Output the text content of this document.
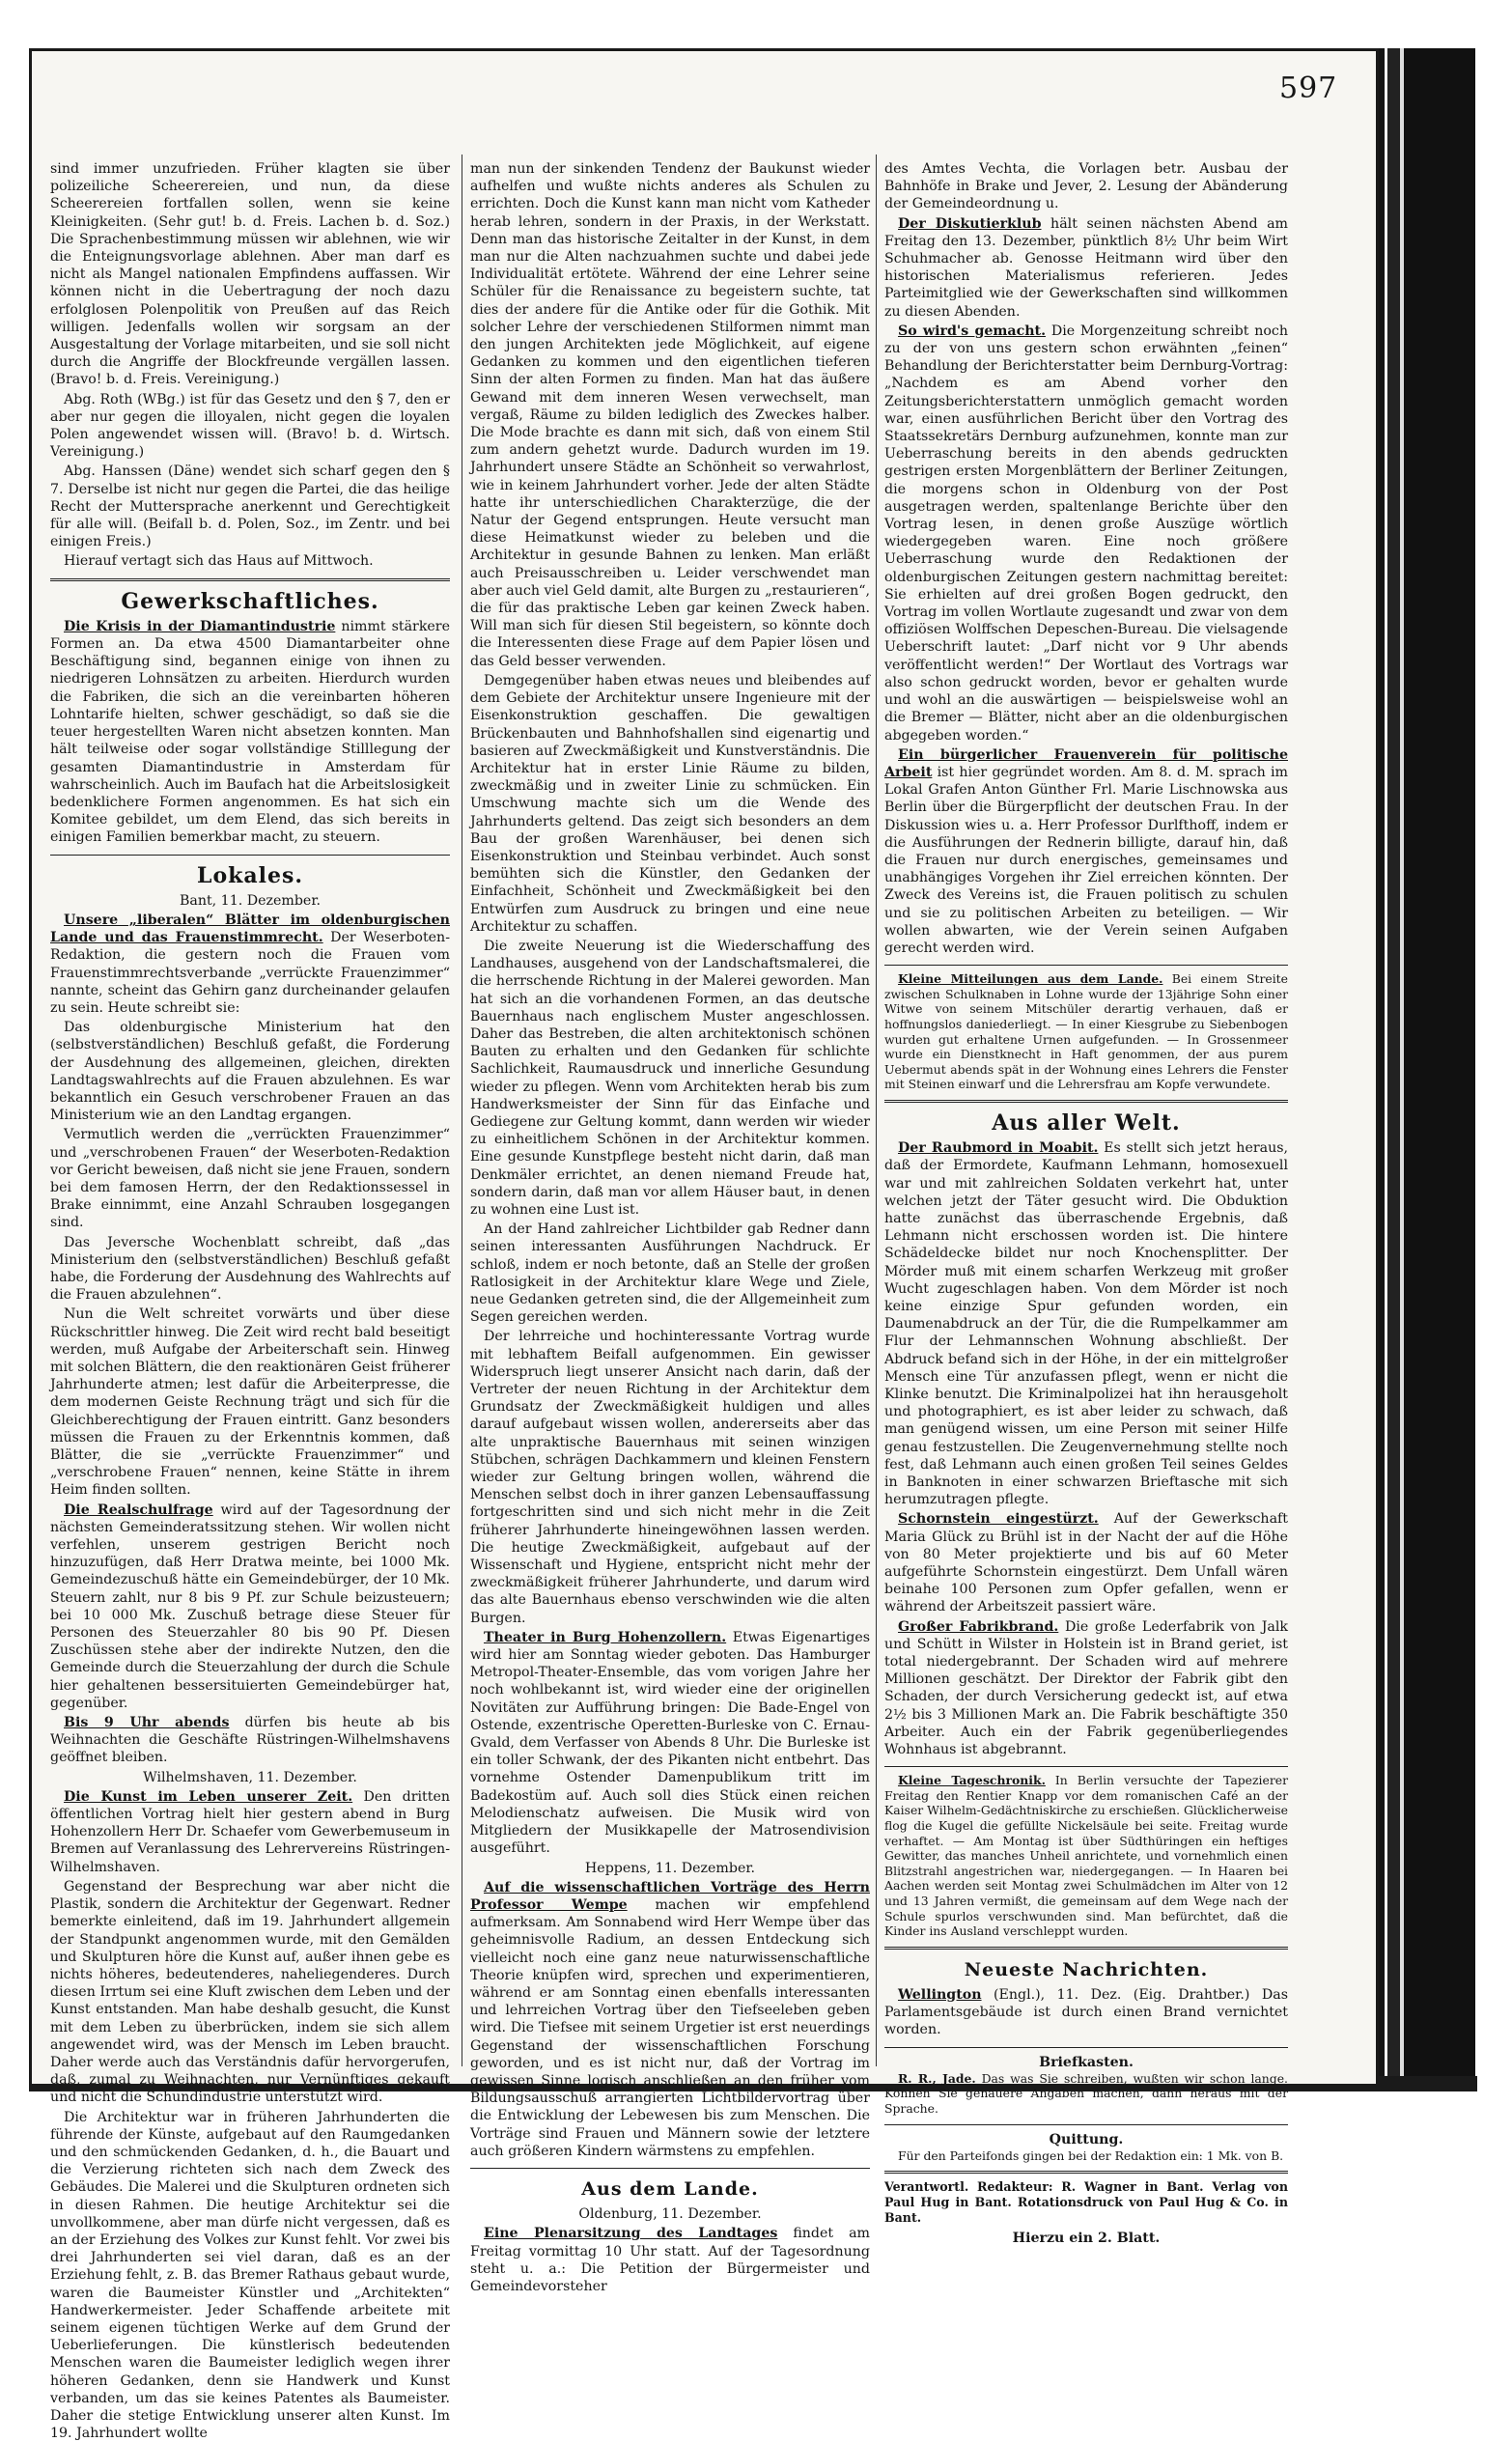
597

sind immer unzufrieden. Früher klagten sie über polizeiliche Scheerereien, und nun, da diese Scheerereien fortfallen sollen, wenn sie keine Kleinigkeiten. (Sehr gut! b. d. Freis. Lachen b. d. Soz.) Die Sprachenbestimmung müssen wir ablehnen, wie wir die Enteignungsvorlage ablehnen. Aber man darf es nicht als Mangel nationalen Empfindens auffassen. Wir können nicht in die Uebertragung der noch dazu erfolglosen Polenpolitik von Preußen auf das Reich willigen. Jedenfalls wollen wir sorgsam an der Ausgestaltung der Vorlage mitarbeiten, und sie soll nicht durch die Angriffe der Blockfreunde vergällen lassen. (Bravo! b. d. Freis. Vereinigung.)

Abg. Roth (WBg.) ist für das Gesetz und den § 7, den er aber nur gegen die illoyalen, nicht gegen die loyalen Polen angewendet wissen will. (Bravo! b. d. Wirtsch. Vereinigung.)

Abg. Hanssen (Däne) wendet sich scharf gegen den § 7. Derselbe ist nicht nur gegen die Partei, die das heilige Recht der Muttersprache anerkennt und Gerechtigkeit für alle will. (Beifall b. d. Polen, Soz., im Zentr. und bei einigen Freis.)

Hierauf vertagt sich das Haus auf Mittwoch.

Gewerkschaftliches.

Die Krisis in der Diamantindustrie nimmt stärkere Formen an. Da etwa 4500 Diamantarbeiter ohne Beschäftigung sind, begannen einige von ihnen zu niedrigeren Lohnsätzen zu arbeiten. Hierdurch wurden die Fabriken, die sich an die vereinbarten höheren Lohntarife hielten, schwer geschädigt, so daß sie die teuer hergestellten Waren nicht absetzen konnten. Man hält teilweise oder sogar vollständige Stilllegung der gesamten Diamantindustrie in Amsterdam für wahrscheinlich. Auch im Baufach hat die Arbeitslosigkeit bedenklichere Formen angenommen. Es hat sich ein Komitee gebildet, um dem Elend, das sich bereits in einigen Familien bemerkbar macht, zu steuern.

Lokales.
Bant, 11. Dezember.

Unsere „liberalen“ Blätter im oldenburgischen Lande und das Frauenstimmrecht. Der Weserboten-Redaktion, die gestern noch die Frauen vom Frauenstimmrechtsverbande „verrückte Frauenzimmer“ nannte, scheint das Gehirn ganz durcheinander gelaufen zu sein. Heute schreibt sie:

Das oldenburgische Ministerium hat den (selbstverständlichen) Beschluß gefaßt, die Forderung der Ausdehnung des allgemeinen, gleichen, direkten Landtagswahlrechts auf die Frauen abzulehnen. Es war bekanntlich ein Gesuch verschrobener Frauen an das Ministerium wie an den Landtag ergangen.

Vermutlich werden die „verrückten Frauenzimmer“ und „verschrobenen Frauen“ der Weserboten-Redaktion vor Gericht beweisen, daß nicht sie jene Frauen, sondern bei dem famosen Herrn, der den Redaktionssessel in Brake einnimmt, eine Anzahl Schrauben losgegangen sind.

Das Jeversche Wochenblatt schreibt, daß „das Ministerium den (selbstverständlichen) Beschluß gefaßt habe, die Forderung der Ausdehnung des Wahlrechts auf die Frauen abzulehnen“.

Nun die Welt schreitet vorwärts und über diese Rückschrittler hinweg. Die Zeit wird recht bald beseitigt werden, muß Aufgabe der Arbeiterschaft sein. Hinweg mit solchen Blättern, die den reaktionären Geist früherer Jahrhunderte atmen; lest dafür die Arbeiterpresse, die dem modernen Geiste Rechnung trägt und sich für die Gleichberechtigung der Frauen eintritt. Ganz besonders müssen die Frauen zu der Erkenntnis kommen, daß Blätter, die sie „verrückte Frauenzimmer“ und „verschrobene Frauen“ nennen, keine Stätte in ihrem Heim finden sollten.

Die Realschulfrage wird auf der Tagesordnung der nächsten Gemeinderatssitzung stehen. Wir wollen nicht verfehlen, unserem gestrigen Bericht noch hinzuzufügen, daß Herr Dratwa meinte, bei 1000 Mk. Gemeindezuschuß hätte ein Gemeindebürger, der 10 Mk. Steuern zahlt, nur 8 bis 9 Pf. zur Schule beizusteuern; bei 10 000 Mk. Zuschuß betrage diese Steuer für Personen des Steuerzahler 80 bis 90 Pf. Diesen Zuschüssen stehe aber der indirekte Nutzen, den die Gemeinde durch die Steuerzahlung der durch die Schule hier gehaltenen bessersituierten Gemeindebürger hat, gegenüber.

Bis 9 Uhr abends dürfen bis heute ab bis Weihnachten die Geschäfte Rüstringen-Wilhelmshavens geöffnet bleiben.

Wilhelmshaven, 11. Dezember.

Die Kunst im Leben unserer Zeit. Den dritten öffentlichen Vortrag hielt hier gestern abend in Burg Hohenzollern Herr Dr. Schaefer vom Gewerbemuseum in Bremen auf Veranlassung des Lehrervereins Rüstringen-Wilhelmshaven.

Gegenstand der Besprechung war aber nicht die Plastik, sondern die Architektur der Gegenwart. Redner bemerkte einleitend, daß im 19. Jahrhundert allgemein der Standpunkt angenommen wurde, mit den Gemälden und Skulpturen höre die Kunst auf, außer ihnen gebe es nichts höheres, bedeutenderes, naheliegenderes. Durch diesen Irrtum sei eine Kluft zwischen dem Leben und der Kunst entstanden. Man habe deshalb gesucht, die Kunst mit dem Leben zu überbrücken, indem sie sich allem angewendet wird, was der Mensch im Leben braucht. Daher werde auch das Verständnis dafür hervorgerufen, daß, zumal zu Weihnachten, nur Vernünftiges gekauft und nicht die Schundindustrie unterstützt wird.

Die Architektur war in früheren Jahrhunderten die führende der Künste, aufgebaut auf den Raumgedanken und den schmückenden Gedanken, d. h., die Bauart und die Verzierung richteten sich nach dem Zweck des Gebäudes. Die Malerei und die Skulpturen ordneten sich in diesen Rahmen. Die heutige Architektur sei die unvollkommene, aber man dürfe nicht vergessen, daß es an der Erziehung des Volkes zur Kunst fehlt. Vor zwei bis drei Jahrhunderten sei viel daran, daß es an der Erziehung fehlt, z. B. das Bremer Rathaus gebaut wurde, waren die Baumeister Künstler und „Architekten“ Handwerkermeister. Jeder Schaffende arbeitete mit seinem eigenen tüchtigen Werke auf dem Grund der Ueberlieferungen. Die künstlerisch bedeutenden Menschen waren die Baumeister lediglich wegen ihrer höheren Gedanken, denn sie Handwerk und Kunst verbanden, um das sie keines Patentes als Baumeister. Daher die stetige Entwicklung unserer alten Kunst. Im 19. Jahrhundert wollte

man nun der sinkenden Tendenz der Baukunst wieder aufhelfen und wußte nichts anderes als Schulen zu errichten. Doch die Kunst kann man nicht vom Katheder herab lehren, sondern in der Praxis, in der Werkstatt. Denn man das historische Zeitalter in der Kunst, in dem man nur die Alten nachzuahmen suchte und dabei jede Individualität ertötete. Während der eine Lehrer seine Schüler für die Renaissance zu begeistern suchte, tat dies der andere für die Antike oder für die Gothik. Mit solcher Lehre der verschiedenen Stilformen nimmt man den jungen Architekten jede Möglichkeit, auf eigene Gedanken zu kommen und den eigentlichen tieferen Sinn der alten Formen zu finden. Man hat das äußere Gewand mit dem inneren Wesen verwechselt, man vergaß, Räume zu bilden lediglich des Zweckes halber. Die Mode brachte es dann mit sich, daß von einem Stil zum andern gehetzt wurde. Dadurch wurden im 19. Jahrhundert unsere Städte an Schönheit so verwahrlost, wie in keinem Jahrhundert vorher. Jede der alten Städte hatte ihr unterschiedlichen Charakterzüge, die der Natur der Gegend entsprungen. Heute versucht man diese Heimatkunst wieder zu beleben und die Architektur in gesunde Bahnen zu lenken. Man erläßt auch Preisausschreiben u. Leider verschwendet man aber auch viel Geld damit, alte Burgen zu „restaurieren“, die für das praktische Leben gar keinen Zweck haben. Will man sich für diesen Stil begeistern, so könnte doch die Interessenten diese Frage auf dem Papier lösen und das Geld besser verwenden.

Demgegenüber haben etwas neues und bleibendes auf dem Gebiete der Architektur unsere Ingenieure mit der Eisenkonstruktion geschaffen. Die gewaltigen Brückenbauten und Bahnhofshallen sind eigenartig und basieren auf Zweckmäßigkeit und Kunstverständnis. Die Architektur hat in erster Linie Räume zu bilden, zweckmäßig und in zweiter Linie zu schmücken. Ein Umschwung machte sich um die Wende des Jahrhunderts geltend. Das zeigt sich besonders an dem Bau der großen Warenhäuser, bei denen sich Eisenkonstruktion und Steinbau verbindet. Auch sonst bemühten sich die Künstler, den Gedanken der Einfachheit, Schönheit und Zweckmäßigkeit bei den Entwürfen zum Ausdruck zu bringen und eine neue Architektur zu schaffen.

Die zweite Neuerung ist die Wiederschaffung des Landhauses, ausgehend von der Landschaftsmalerei, die die herrschende Richtung in der Malerei geworden. Man hat sich an die vorhandenen Formen, an das deutsche Bauernhaus nach englischem Muster angeschlossen. Daher das Bestreben, die alten architektonisch schönen Bauten zu erhalten und den Gedanken für schlichte Sachlichkeit, Raumausdruck und innerliche Gesundung wieder zu pflegen. Wenn vom Architekten herab bis zum Handwerksmeister der Sinn für das Einfache und Gediegene zur Geltung kommt, dann werden wir wieder zu einheitlichem Schönen in der Architektur kommen. Eine gesunde Kunstpflege besteht nicht darin, daß man Denkmäler errichtet, an denen niemand Freude hat, sondern darin, daß man vor allem Häuser baut, in denen zu wohnen eine Lust ist.

An der Hand zahlreicher Lichtbilder gab Redner dann seinen interessanten Ausführungen Nachdruck. Er schloß, indem er noch betonte, daß an Stelle der großen Ratlosigkeit in der Architektur klare Wege und Ziele, neue Gedanken getreten sind, die der Allgemeinheit zum Segen gereichen werden.

Der lehrreiche und hochinteressante Vortrag wurde mit lebhaftem Beifall aufgenommen. Ein gewisser Widerspruch liegt unserer Ansicht nach darin, daß der Vertreter der neuen Richtung in der Architektur dem Grundsatz der Zweckmäßigkeit huldigen und alles darauf aufgebaut wissen wollen, andererseits aber das alte unpraktische Bauernhaus mit seinen winzigen Stübchen, schrägen Dachkammern und kleinen Fenstern wieder zur Geltung bringen wollen, während die Menschen selbst doch in ihrer ganzen Lebensauffassung fortgeschritten sind und sich nicht mehr in die Zeit früherer Jahrhunderte hineingewöhnen lassen werden. Die heutige Zweckmäßigkeit, aufgebaut auf der Wissenschaft und Hygiene, entspricht nicht mehr der zweckmäßigkeit früherer Jahrhunderte, und darum wird das alte Bauernhaus ebenso verschwinden wie die alten Burgen.

Theater in Burg Hohenzollern. Etwas Eigenartiges wird hier am Sonntag wieder geboten. Das Hamburger Metropol-Theater-Ensemble, das vom vorigen Jahre her noch wohlbekannt ist, wird wieder eine der originellen Novitäten zur Aufführung bringen: Die Bade-Engel von Ostende, exzentrische Operetten-Burleske von C. Ernau-Gvald, dem Verfasser von Abends 8 Uhr. Die Burleske ist ein toller Schwank, der des Pikanten nicht entbehrt. Das vornehme Ostender Damenpublikum tritt im Badekostüm auf. Auch soll dies Stück einen reichen Melodienschatz aufweisen. Die Musik wird von Mitgliedern der Musikkapelle der Matrosendivision ausgeführt.

Heppens, 11. Dezember.

Auf die wissenschaftlichen Vorträge des Herrn Professor Wempe machen wir empfehlend aufmerksam. Am Sonnabend wird Herr Wempe über das geheimnisvolle Radium, an dessen Entdeckung sich vielleicht noch eine ganz neue naturwissenschaftliche Theorie knüpfen wird, sprechen und experimentieren, während er am Sonntag einen ebenfalls interessanten und lehrreichen Vortrag über den Tiefseeleben geben wird. Die Tiefsee mit seinem Urgetier ist erst neuerdings Gegenstand der wissenschaftlichen Forschung geworden, und es ist nicht nur, daß der Vortrag im gewissen Sinne logisch anschließen an den früher vom Bildungsausschuß arrangierten Lichtbildervortrag über die Entwicklung der Lebewesen bis zum Menschen. Die Vorträge sind Frauen und Männern sowie der letztere auch größeren Kindern wärmstens zu empfehlen.

Aus dem Lande.
Oldenburg, 11. Dezember.

Eine Plenarsitzung des Landtages findet am Freitag vormittag 10 Uhr statt. Auf der Tagesordnung steht u. a.: Die Petition der Bürgermeister und Gemeindevorsteher

des Amtes Vechta, die Vorlagen betr. Ausbau der Bahnhöfe in Brake und Jever, 2. Lesung der Abänderung der Gemeindeordnung u.

Der Diskutierklub hält seinen nächsten Abend am Freitag den 13. Dezember, pünktlich 8½ Uhr beim Wirt Schuhmacher ab. Genosse Heitmann wird über den historischen Materialismus referieren. Jedes Parteimitglied wie der Gewerkschaften sind willkommen zu diesen Abenden.

So wird's gemacht. Die Morgenzeitung schreibt noch zu der von uns gestern schon erwähnten „feinen“ Behandlung der Berichterstatter beim Dernburg-Vortrag: „Nachdem es am Abend vorher den Zeitungsberichterstattern unmöglich gemacht worden war, einen ausführlichen Bericht über den Vortrag des Staatssekretärs Dernburg aufzunehmen, konnte man zur Ueberraschung bereits in den abends gedruckten gestrigen ersten Morgenblättern der Berliner Zeitungen, die morgens schon in Oldenburg von der Post ausgetragen werden, spaltenlange Berichte über den Vortrag lesen, in denen große Auszüge wörtlich wiedergegeben waren. Eine noch größere Ueberraschung wurde den Redaktionen der oldenburgischen Zeitungen gestern nachmittag bereitet: Sie erhielten auf drei großen Bogen gedruckt, den Vortrag im vollen Wortlaute zugesandt und zwar von dem offiziösen Wolffschen Depeschen-Bureau. Die vielsagende Ueberschrift lautet: „Darf nicht vor 9 Uhr abends veröffentlicht werden!“ Der Wortlaut des Vortrags war also schon gedruckt worden, bevor er gehalten wurde und wohl an die auswärtigen — beispielsweise wohl an die Bremer — Blätter, nicht aber an die oldenburgischen abgegeben worden.“

Ein bürgerlicher Frauenverein für politische Arbeit ist hier gegründet worden. Am 8. d. M. sprach im Lokal Grafen Anton Günther Frl. Marie Lischnowska aus Berlin über die Bürgerpflicht der deutschen Frau. In der Diskussion wies u. a. Herr Professor Durlfthoff, indem er die Ausführungen der Rednerin billigte, darauf hin, daß die Frauen nur durch energisches, gemeinsames und unabhängiges Vorgehen ihr Ziel erreichen könnten. Der Zweck des Vereins ist, die Frauen politisch zu schulen und sie zu politischen Arbeiten zu beteiligen. — Wir wollen abwarten, wie der Verein seinen Aufgaben gerecht werden wird.

Kleine Mitteilungen aus dem Lande. Bei einem Streite zwischen Schulknaben in Lohne wurde der 13jährige Sohn einer Witwe von seinem Mitschüler derartig verhauen, daß er hoffnungslos daniederliegt. — In einer Kiesgrube zu Siebenbogen wurden gut erhaltene Urnen aufgefunden. — In Grossenmeer wurde ein Dienstknecht in Haft genommen, der aus purem Uebermut abends spät in der Wohnung eines Lehrers die Fenster mit Steinen einwarf und die Lehrersfrau am Kopfe verwundete.

Aus aller Welt.

Der Raubmord in Moabit. Es stellt sich jetzt heraus, daß der Ermordete, Kaufmann Lehmann, homosexuell war und mit zahlreichen Soldaten verkehrt hat, unter welchen jetzt der Täter gesucht wird. Die Obduktion hatte zunächst das überraschende Ergebnis, daß Lehmann nicht erschossen worden ist. Die hintere Schädeldecke bildet nur noch Knochensplitter. Der Mörder muß mit einem scharfen Werkzeug mit großer Wucht zugeschlagen haben. Von dem Mörder ist noch keine einzige Spur gefunden worden, ein Daumenabdruck an der Tür, die die Rumpelkammer am Flur der Lehmannschen Wohnung abschließt. Der Abdruck befand sich in der Höhe, in der ein mittelgroßer Mensch eine Tür anzufassen pflegt, wenn er nicht die Klinke benutzt. Die Kriminalpolizei hat ihn herausgeholt und photographiert, es ist aber leider zu schwach, daß man genügend wissen, um eine Person mit seiner Hilfe genau festzustellen. Die Zeugenvernehmung stellte noch fest, daß Lehmann auch einen großen Teil seines Geldes in Banknoten in einer schwarzen Brieftasche mit sich herumzutragen pflegte.

Schornstein eingestürzt. Auf der Gewerkschaft Maria Glück zu Brühl ist in der Nacht der auf die Höhe von 80 Meter projektierte und bis auf 60 Meter aufgeführte Schornstein eingestürzt. Dem Unfall wären beinahe 100 Personen zum Opfer gefallen, wenn er während der Arbeitszeit passiert wäre.

Großer Fabrikbrand. Die große Lederfabrik von Jalk und Schütt in Wilster in Holstein ist in Brand geriet, ist total niedergebrannt. Der Schaden wird auf mehrere Millionen geschätzt. Der Direktor der Fabrik gibt den Schaden, der durch Versicherung gedeckt ist, auf etwa 2½ bis 3 Millionen Mark an. Die Fabrik beschäftigte 350 Arbeiter. Auch ein der Fabrik gegenüberliegendes Wohnhaus ist abgebrannt.

Kleine Tageschronik. In Berlin versuchte der Tapezierer Freitag den Rentier Knapp vor dem romanischen Café an der Kaiser Wilhelm-Gedächtniskirche zu erschießen. Glücklicherweise flog die Kugel die gefüllte Nickelsäule bei seite. Freitag wurde verhaftet. — Am Montag ist über Südthüringen ein heftiges Gewitter, das manches Unheil anrichtete, und vornehmlich einen Blitzstrahl angestrichen war, niedergegangen. — In Haaren bei Aachen werden seit Montag zwei Schulmädchen im Alter von 12 und 13 Jahren vermißt, die gemeinsam auf dem Wege nach der Schule spurlos verschwunden sind. Man befürchtet, daß die Kinder ins Ausland verschleppt wurden.

Neueste Nachrichten.

Wellington (Engl.), 11. Dez. (Eig. Drahtber.) Das Parlamentsgebäude ist durch einen Brand vernichtet worden.

Briefkasten.

R. R., Jade. Das was Sie schreiben, wußten wir schon lange. Können Sie genauere Angaben machen, dann heraus mit der Sprache.

Quittung.

Für den Parteifonds gingen bei der Redaktion ein: 1 Mk. von B.

Verantwortl. Redakteur: R. Wagner in Bant. Verlag von Paul Hug in Bant. Rotationsdruck von Paul Hug & Co. in Bant.
Hierzu ein 2. Blatt.
